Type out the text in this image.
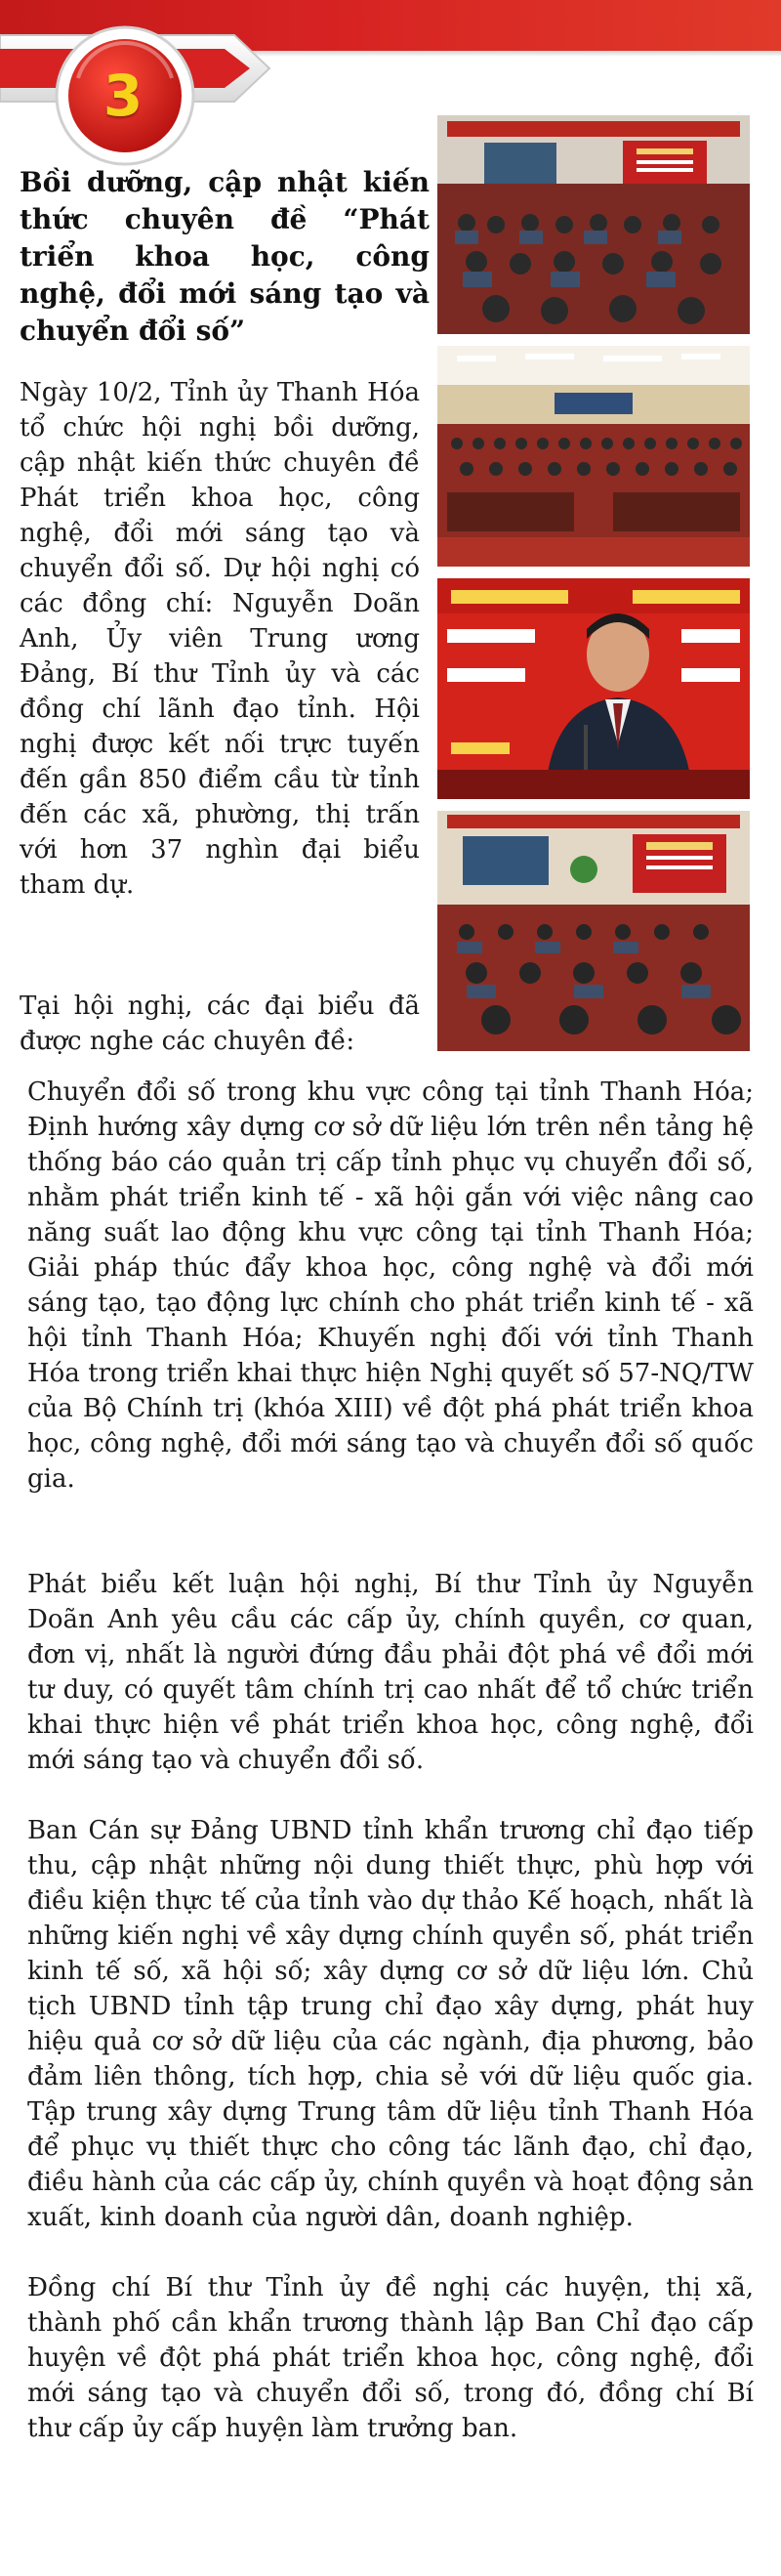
3
Bồi dưỡng, cập nhật kiến thức chuyên đề “Phát triển khoa học, công nghệ, đổi mới sáng tạo và chuyển đổi số”

Ngày 10/2, Tỉnh ủy Thanh Hóa tổ chức hội nghị bồi dưỡng, cập nhật kiến thức chuyên đề Phát triển khoa học, công nghệ, đổi mới sáng tạo và chuyển đổi số. Dự hội nghị có các đồng chí: Nguyễn Doãn Anh, Ủy viên Trung ương Đảng, Bí thư Tỉnh ủy và các đồng chí lãnh đạo tỉnh. Hội nghị được kết nối trực tuyến đến gần 850 điểm cầu từ tỉnh đến các xã, phường, thị trấn với hơn 37 nghìn đại biểu tham dự.

Tại hội nghị, các đại biểu đã được nghe các chuyên đề:

Chuyển đổi số trong khu vực công tại tỉnh Thanh Hóa; Định hướng xây dựng cơ sở dữ liệu lớn trên nền tảng hệ thống báo cáo quản trị cấp tỉnh phục vụ chuyển đổi số, nhằm phát triển kinh tế - xã hội gắn với việc nâng cao năng suất lao động khu vực công tại tỉnh Thanh Hóa; Giải pháp thúc đẩy khoa học, công nghệ và đổi mới sáng tạo, tạo động lực chính cho phát triển kinh tế - xã hội tỉnh Thanh Hóa; Khuyến nghị đối với tỉnh Thanh Hóa trong triển khai thực hiện Nghị quyết số 57-NQ/TW của Bộ Chính trị (khóa XIII) về đột phá phát triển khoa học, công nghệ, đổi mới sáng tạo và chuyển đổi số quốc gia.

Phát biểu kết luận hội nghị, Bí thư Tỉnh ủy Nguyễn Doãn Anh yêu cầu các cấp ủy, chính quyền, cơ quan, đơn vị, nhất là người đứng đầu phải đột phá về đổi mới tư duy, có quyết tâm chính trị cao nhất để tổ chức triển khai thực hiện về phát triển khoa học, công nghệ, đổi mới sáng tạo và chuyển đổi số.

Ban Cán sự Đảng UBND tỉnh khẩn trương chỉ đạo tiếp thu, cập nhật những nội dung thiết thực, phù hợp với điều kiện thực tế của tỉnh vào dự thảo Kế hoạch, nhất là những kiến nghị về xây dựng chính quyền số, phát triển kinh tế số, xã hội số; xây dựng cơ sở dữ liệu lớn. Chủ tịch UBND tỉnh tập trung chỉ đạo xây dựng, phát huy hiệu quả cơ sở dữ liệu của các ngành, địa phương, bảo đảm liên thông, tích hợp, chia sẻ với dữ liệu quốc gia. Tập trung xây dựng Trung tâm dữ liệu tỉnh Thanh Hóa để phục vụ thiết thực cho công tác lãnh đạo, chỉ đạo, điều hành của các cấp ủy, chính quyền và hoạt động sản xuất, kinh doanh của người dân, doanh nghiệp.

Đồng chí Bí thư Tỉnh ủy đề nghị các huyện, thị xã, thành phố cần khẩn trương thành lập Ban Chỉ đạo cấp huyện về đột phá phát triển khoa học, công nghệ, đổi mới sáng tạo và chuyển đổi số, trong đó, đồng chí Bí thư cấp ủy cấp huyện làm trưởng ban.
